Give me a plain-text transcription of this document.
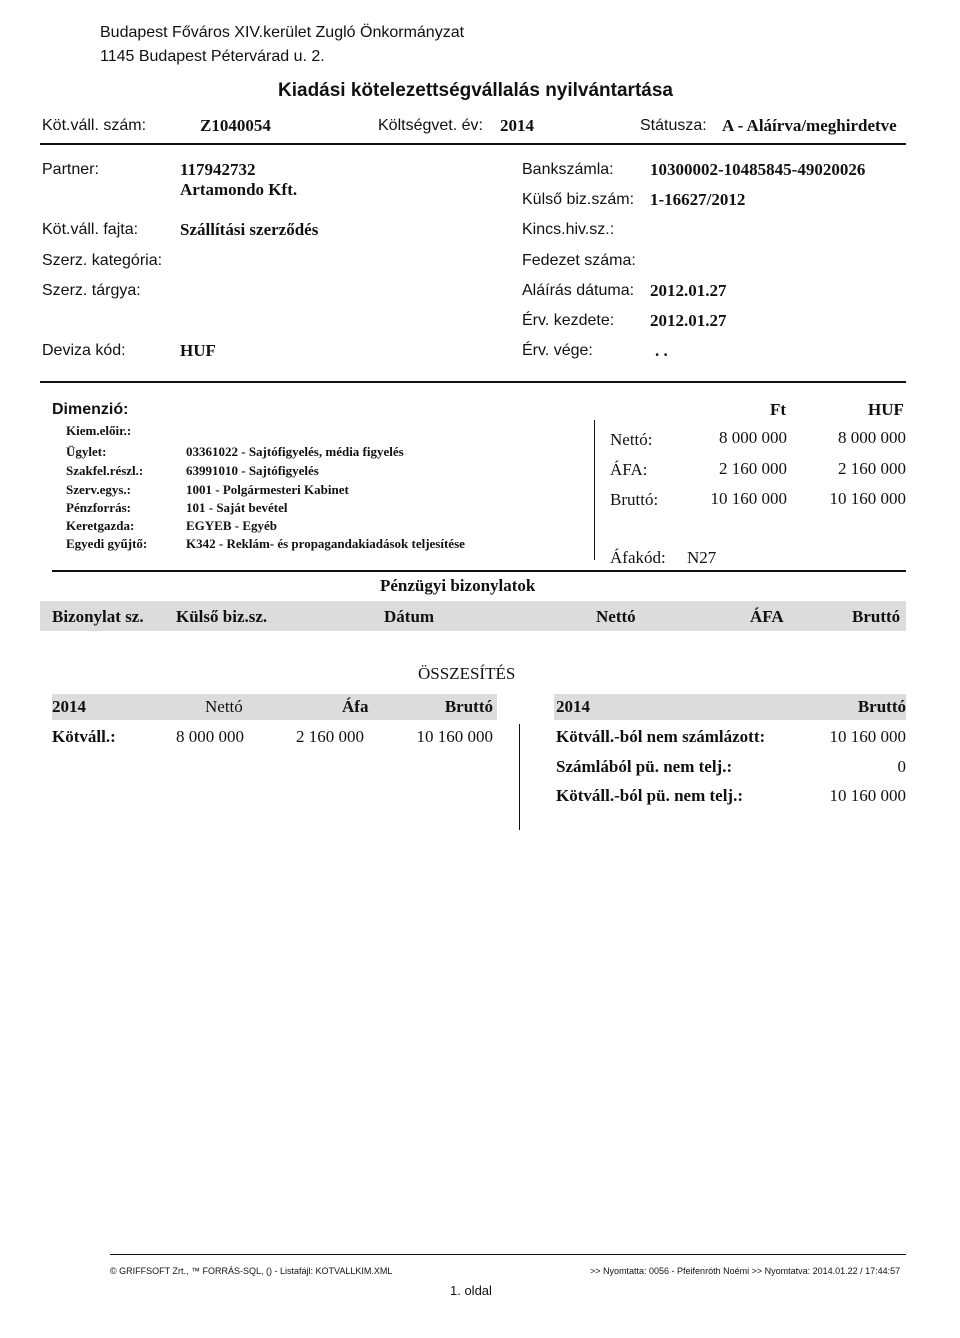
Budapest Főváros XIV.kerület Zugló Önkormányzat
1145 Budapest Pétervárad u. 2.
Kiadási kötelezettségvállalás nyilvántartása
Köt.váll. szám:	Z1040054	Költségvet. év: 2014	Státusza: A - Aláírva/meghirdetve
Partner:	117942732
Artamondo Kft.
Köt.váll. fajta: Szállítási szerződés
Szerz. kategória:
Szerz. tárgya:
Deviza kód:	HUF
Bankszámla: 10300002-10485845-49020026
Külső biz.szám: 1-16627/2012
Kincs.hiv.sz.:
Fedezet száma:
Aláírás dátuma: 2012.01.27
Érv. kezdete: 2012.01.27
Érv. vége:	. .
Dimenzió:
Kiem.előir.:
Ügylet:	03361022 - Sajtófigyelés, média figyelés
Szakfel.részl.:	63991010 - Sajtófigyelés
Szerv.egys.:	1001 - Polgármesteri Kabinet
Pénzforrás:	101 - Saját bevétel
Keretgazda:	EGYEB - Egyéb
Egyedi gyűjtő:	K342 - Reklám- és propagandakiadások teljesítése
Ft	HUF
Nettó:	8 000 000	8 000 000
ÁFA:	2 160 000	2 160 000
Bruttó:	10 160 000	10 160 000
Áfakód: N27
Pénzügyi bizonylatok
Bizonylat sz. Külső biz.sz.	Dátum	Nettó	ÁFA	Bruttó
ÖSSZESÍTÉS
2014	Nettó	Áfa	Bruttó
Kötváll.:	8 000 000	2 160 000	10 160 000
2014	Bruttó
Kötváll.-ból nem számlázott:	10 160 000
Számlából pü. nem telj.:	0
Kötváll.-ból pü. nem telj.:	10 160 000
© GRIFFSOFT Zrt., ™ FORRÁS-SQL, () - Listafájl: KOTVALLKIM.XML	>> Nyomtatta: 0056 - Pfeifenróth Noémi >> Nyomtatva: 2014.01.22 / 17:44:57
1. oldal
